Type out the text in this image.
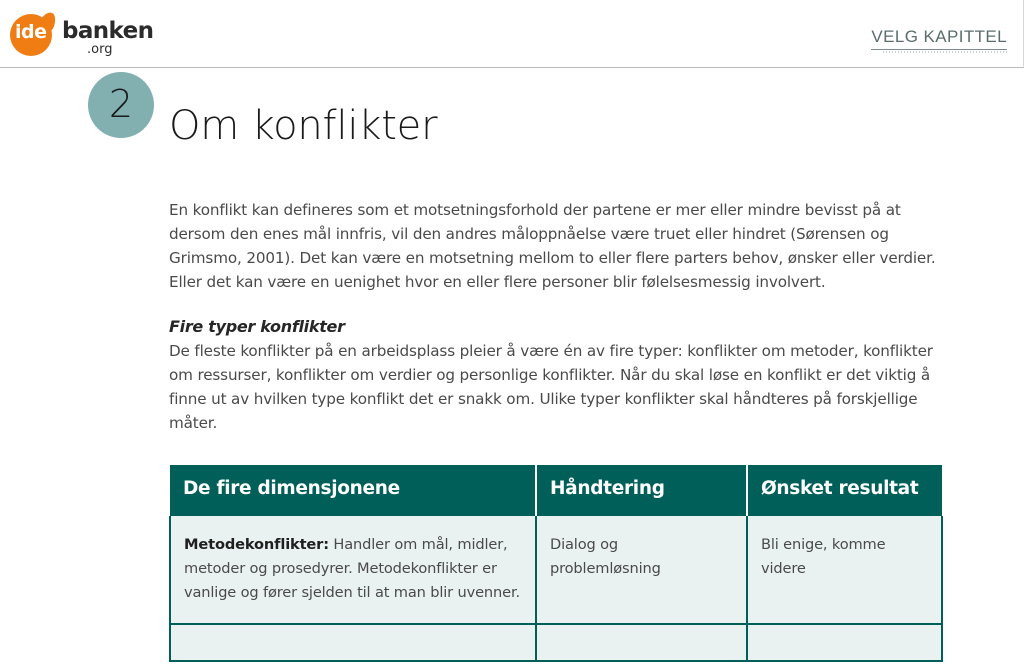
ide banken
.org
VELG KAPITTEL
2 Om konflikter

En konflikt kan defineres som et motsetningsforhold der partene er mer eller mindre bevisst på at dersom den enes mål innfris, vil den andres måloppnåelse være truet eller hindret (Sørensen og Grimsmo, 2001). Det kan være en motsetning mellom to eller flere parters behov, ønsker eller verdier. Eller det kan være en uenighet hvor en eller flere personer blir følelsesmessig involvert.

Fire typer konflikter

De fleste konflikter på en arbeidsplass pleier å være én av fire typer: konflikter om metoder, konflikter om ressurser, konflikter om verdier og personlige konflikter. Når du skal løse en konflikt er det viktig å finne ut av hvilken type konflikt det er snakk om. Ulike typer konflikter skal håndteres på forskjellige måter.

De fire dimensjonene	Håndtering	Ønsket resultat
Metodekonflikter: Handler om mål, midler, metoder og prosedyrer. Metodekonflikter er vanlige og fører sjelden til at man blir uvenner.	Dialog og problemløsning	Bli enige, komme videre
